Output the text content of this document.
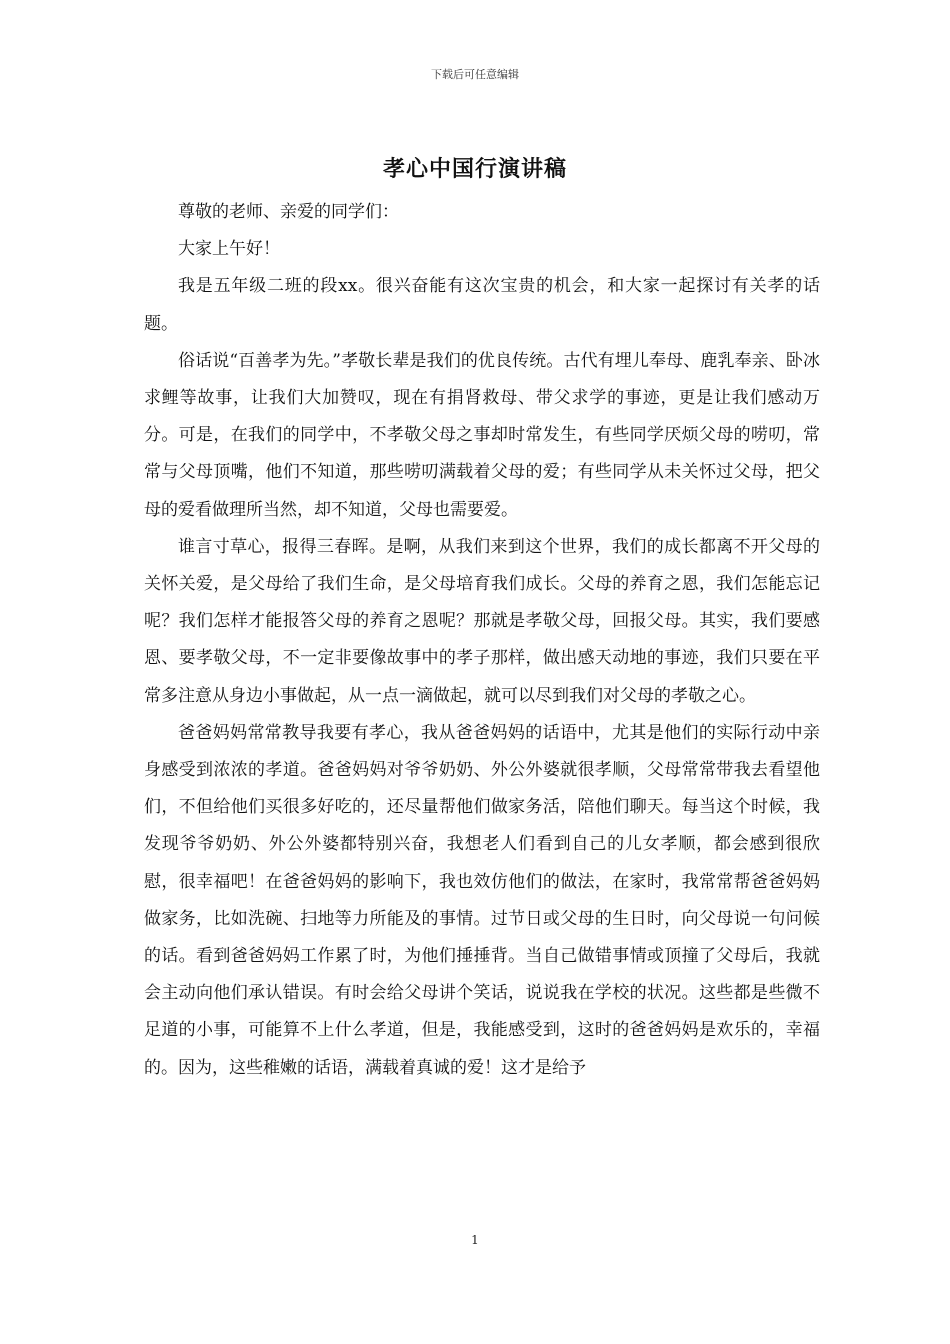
下载后可任意编辑
孝心中国行演讲稿

尊敬的老师、亲爱的同学们：

大家上午好！

我是五年级二班的段xx。很兴奋能有这次宝贵的机会，和大家一起探讨有关孝的话题。

俗话说“百善孝为先。”孝敬长辈是我们的优良传统。古代有埋儿奉母、鹿乳奉亲、卧冰求鲤等故事，让我们大加赞叹，现在有捐肾救母、带父求学的事迹，更是让我们感动万分。可是，在我们的同学中，不孝敬父母之事却时常发生，有些同学厌烦父母的唠叨，常常与父母顶嘴，他们不知道，那些唠叨满载着父母的爱；有些同学从未关怀过父母，把父母的爱看做理所当然，却不知道，父母也需要爱。

谁言寸草心，报得三春晖。是啊，从我们来到这个世界，我们的成长都离不开父母的关怀关爱，是父母给了我们生命，是父母培育我们成长。父母的养育之恩，我们怎能忘记呢？我们怎样才能报答父母的养育之恩呢？那就是孝敬父母，回报父母。其实，我们要感恩、要孝敬父母，不一定非要像故事中的孝子那样，做出感天动地的事迹，我们只要在平常多注意从身边小事做起，从一点一滴做起，就可以尽到我们对父母的孝敬之心。

爸爸妈妈常常教导我要有孝心，我从爸爸妈妈的话语中，尤其是他们的实际行动中亲身感受到浓浓的孝道。爸爸妈妈对爷爷奶奶、外公外婆就很孝顺，父母常常带我去看望他们，不但给他们买很多好吃的，还尽量帮他们做家务活，陪他们聊天。每当这个时候，我发现爷爷奶奶、外公外婆都特别兴奋，我想老人们看到自己的儿女孝顺，都会感到很欣慰，很幸福吧！在爸爸妈妈的影响下，我也效仿他们的做法，在家时，我常常帮爸爸妈妈做家务，比如洗碗、扫地等力所能及的事情。过节日或父母的生日时，向父母说一句问候的话。看到爸爸妈妈工作累了时，为他们捶捶背。当自己做错事情或顶撞了父母后，我就会主动向他们承认错误。有时会给父母讲个笑话，说说我在学校的状况。这些都是些微不足道的小事，可能算不上什么孝道，但是，我能感受到，这时的爸爸妈妈是欢乐的，幸福的。因为，这些稚嫩的话语，满载着真诚的爱！这才是给予

1
